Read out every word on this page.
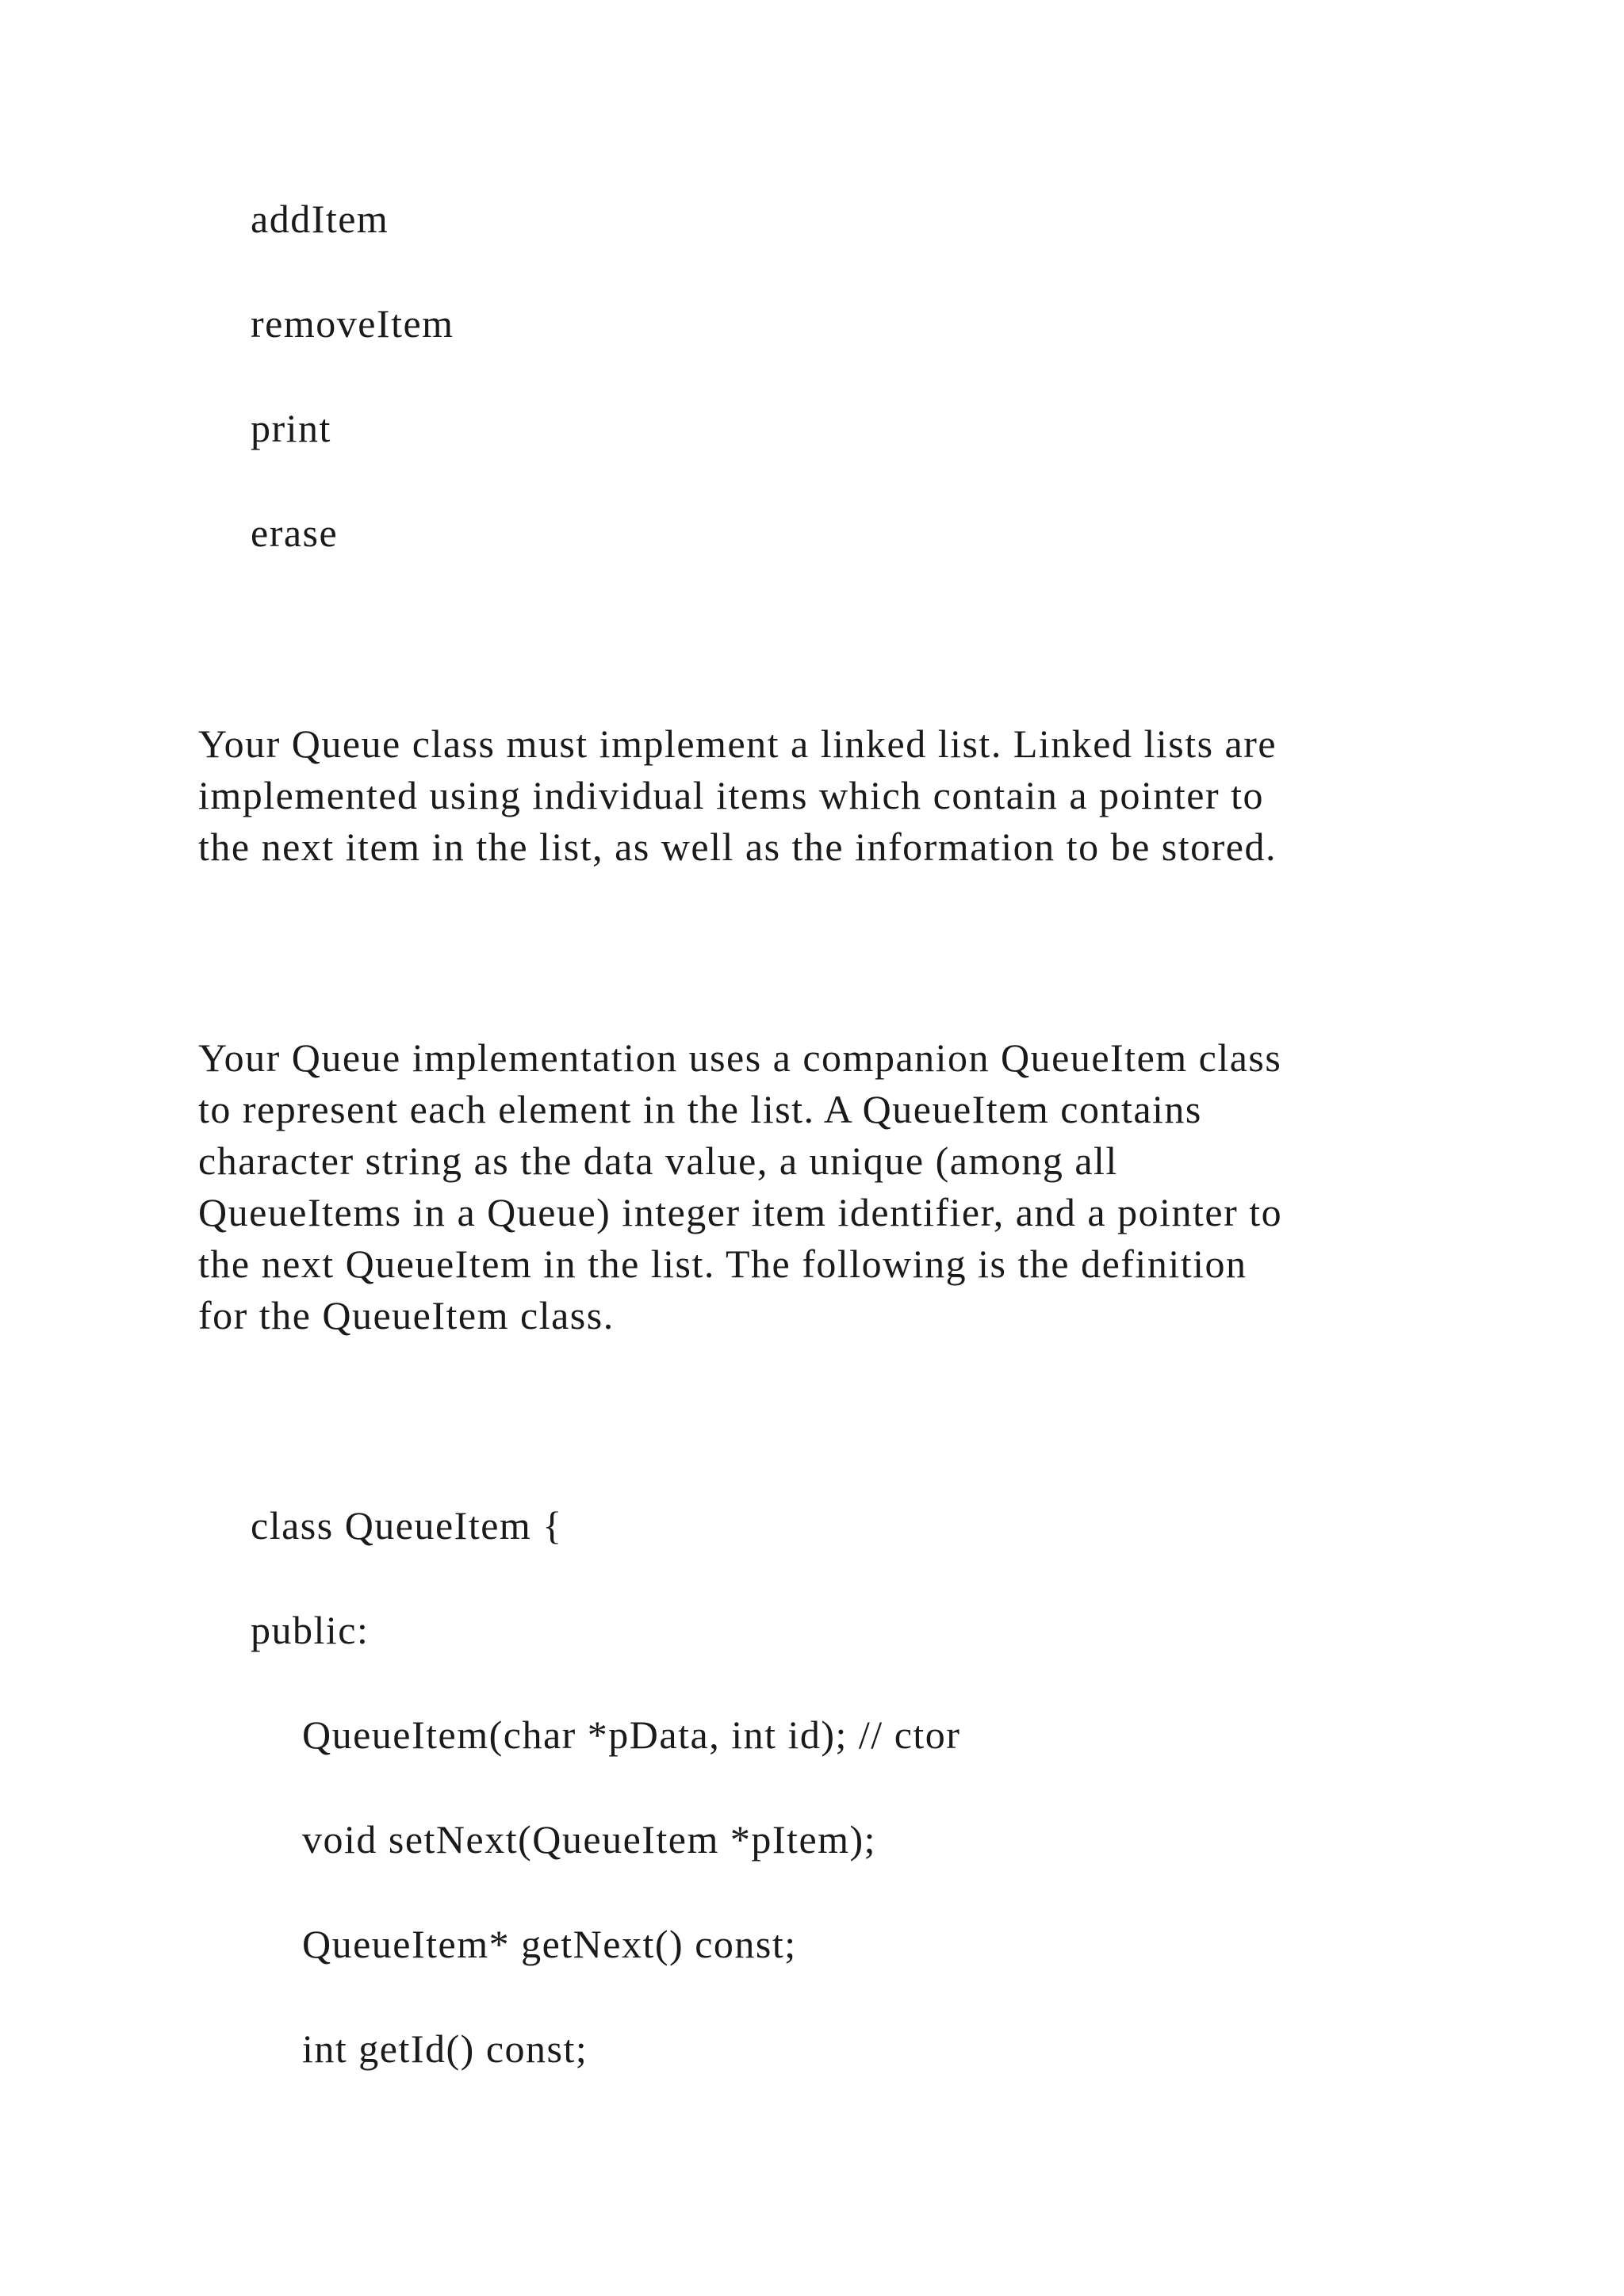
addItem
removeItem
print
erase
Your Queue class must implement a linked list. Linked lists are
implemented using individual items which contain a pointer to
the next item in the list, as well as the information to be stored.
Your Queue implementation uses a companion QueueItem class
to represent each element in the list. A QueueItem contains
character string as the data value, a unique (among all
QueueItems in a Queue) integer item identifier, and a pointer to
the next QueueItem in the list. The following is the definition
for the QueueItem class.
class QueueItem {
public:
QueueItem(char *pData, int id); // ctor
void setNext(QueueItem *pItem);
QueueItem* getNext() const;
int getId() const;
